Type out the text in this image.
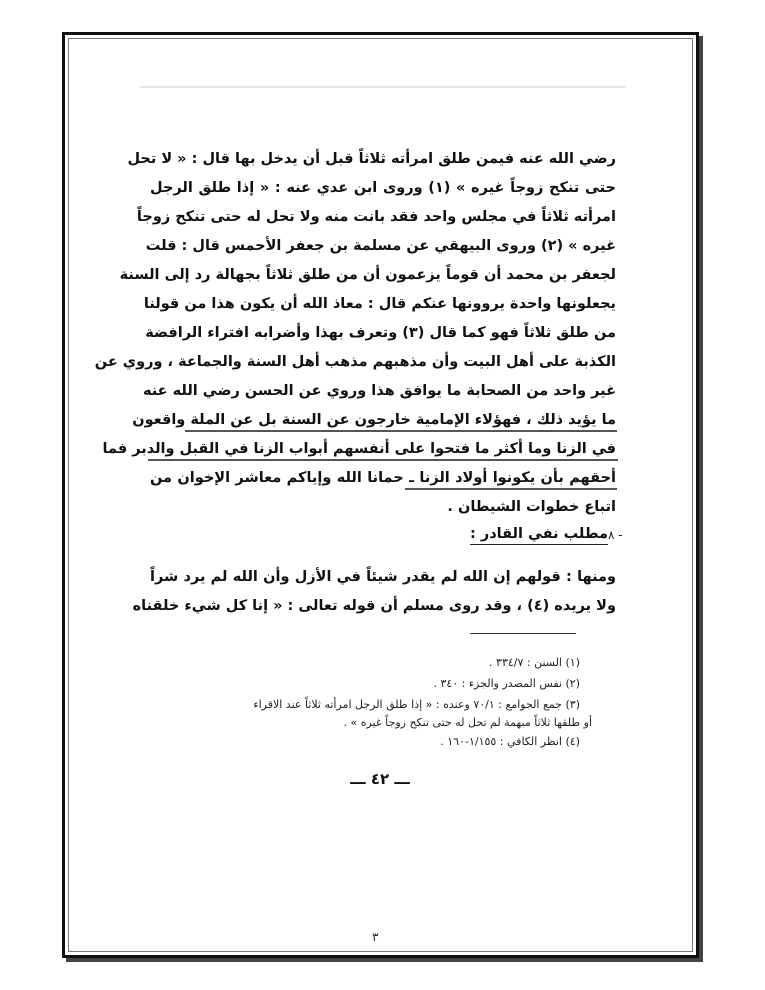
رضي الله عنه فيمن طلق امرأته ثلاثاً قبل أن يدخل بها قال : « لا تحل
حتى تنكح زوجاً غيره » (١) وروى ابن عدي عنه : « إذا طلق الرجل
امرأته ثلاثاً في مجلس واحد فقد بانت منه ولا تحل له حتى تنكح زوجاً
غيره » (٢) وروى البيهقي عن مسلمة بن جعفر الأحمس قال : قلت
لجعفر بن محمد أن قوماً يزعمون أن من طلق ثلاثاً بجهالة رد إلى السنة
يجعلونها واحدة يروونها عنكم قال : معاذ الله أن يكون هذا من قولنا
من طلق ثلاثاً فهو كما قال (٣) وتعرف بهذا وأضرابه افتراء الرافضة
الكذبة على أهل البيت وأن مذهبهم مذهب أهل السنة والجماعة ، وروي عن
غير واحد من الصحابة ما يوافق هذا وروي عن الحسن رضي الله عنه
ما يؤيد ذلك ، فهؤلاء الإمامية خارجون عن السنة بل عن الملة واقعون
في الزنا وما أكثر ما فتحوا على أنفسهم أبواب الزنا في القبل والدبر فما
أحقهم بأن يكونوا أولاد الزنا ـ حمانا الله وإياكم معاشر الإخوان من
اتباع خطوات الشيطان .
٨ -
مطلب نفي القادر :
ومنها : قولهم إن الله لم يقدر شيئاً في الأزل وأن الله لم يرد شراً
ولا يريده (٤) ، وقد روى مسلم أن قوله تعالى : « إنا كل شيء خلقناه
(١) السنن : ٣٣٤/٧ .
(٢) نفس المصدر والجزء : ٣٤٠ .
(٣) جمع الجوامع : ٧٠/١ وعنده : « إذا طلق الرجل امرأته ثلاثاً عند الاقراء
أو طلقها ثلاثاً مبهمة لم تحل له حتى تنكح زوجاً غيره » .
(٤) انظر الكافي : ١/١٥٥-١٦٠ .
ـــ ٤٢ ـــ
٣
